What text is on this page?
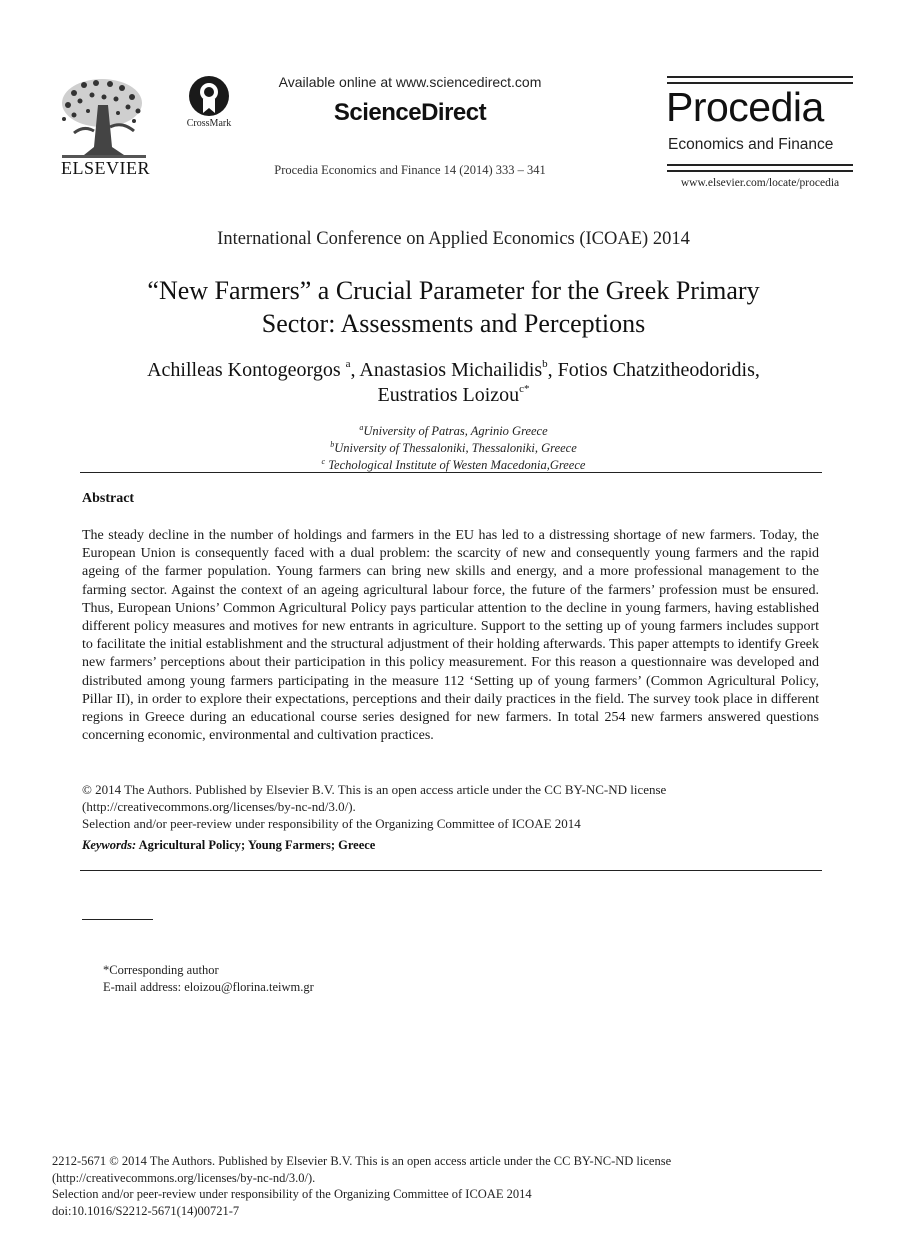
ELSEVIER
CrossMark
Available online at www.sciencedirect.com
ScienceDirect
Procedia Economics and Finance 14 (2014) 333 – 341
Procedia
Economics and Finance
www.elsevier.com/locate/procedia
International Conference on Applied Economics (ICOAE) 2014
“New Farmers” a Crucial Parameter for the Greek Primary
Sector: Assessments and Perceptions
Achilleas Kontogeorgos $^a$, Anastasios Michailidis$^b$, Fotios Chatzitheodoridis,
Eustratios Loizou$^{c*}$
$^a$University of Patras, Agrinio Greece
$^b$University of Thessaloniki, Thessaloniki, Greece
$^c$ Techological Institute of Westen Macedonia,Greece
Abstract
The steady decline in the number of holdings and farmers in the EU has led to a distressing shortage of new farmers. Today, the European Union is consequently faced with a dual problem: the scarcity of new and consequently young farmers and the rapid ageing of the farmer population. Young farmers can bring new skills and energy, and a more professional management to the farming sector. Against the context of an ageing agricultural labour force, the future of the farmers’ profession must be ensured. Thus, European Unions’ Common Agricultural Policy pays particular attention to the decline in young farmers, having established different policy measures and motives for new entrants in agriculture. Support to the setting up of young farmers includes support to facilitate the initial establishment and the structural adjustment of their holding afterwards. This paper attempts to identify Greek new farmers’ perceptions about their participation in this policy measurement. For this reason a questionnaire was developed and distributed among young farmers participating in the measure 112 ‘Setting up of young farmers’ (Common Agricultural Policy, Pillar II), in order to explore their expectations, perceptions and their daily practices in the field. The survey took place in different regions in Greece during an educational course series designed for new farmers. In total 254 new farmers answered questions concerning economic, environmental and cultivation practices.
© 2014 The Authors. Published by Elsevier B.V. This is an open access article under the CC BY-NC-ND license
(http://creativecommons.org/licenses/by-nc-nd/3.0/).
Selection and/or peer-review under responsibility of the Organizing Committee of ICOAE 2014
Keywords: Agricultural Policy; Young Farmers; Greece
*Corresponding author
E-mail address: eloizou@florina.teiwm.gr
2212-5671 © 2014 The Authors. Published by Elsevier B.V. This is an open access article under the CC BY-NC-ND license
(http://creativecommons.org/licenses/by-nc-nd/3.0/).
Selection and/or peer-review under responsibility of the Organizing Committee of ICOAE 2014
doi:10.1016/S2212-5671(14)00721-7
